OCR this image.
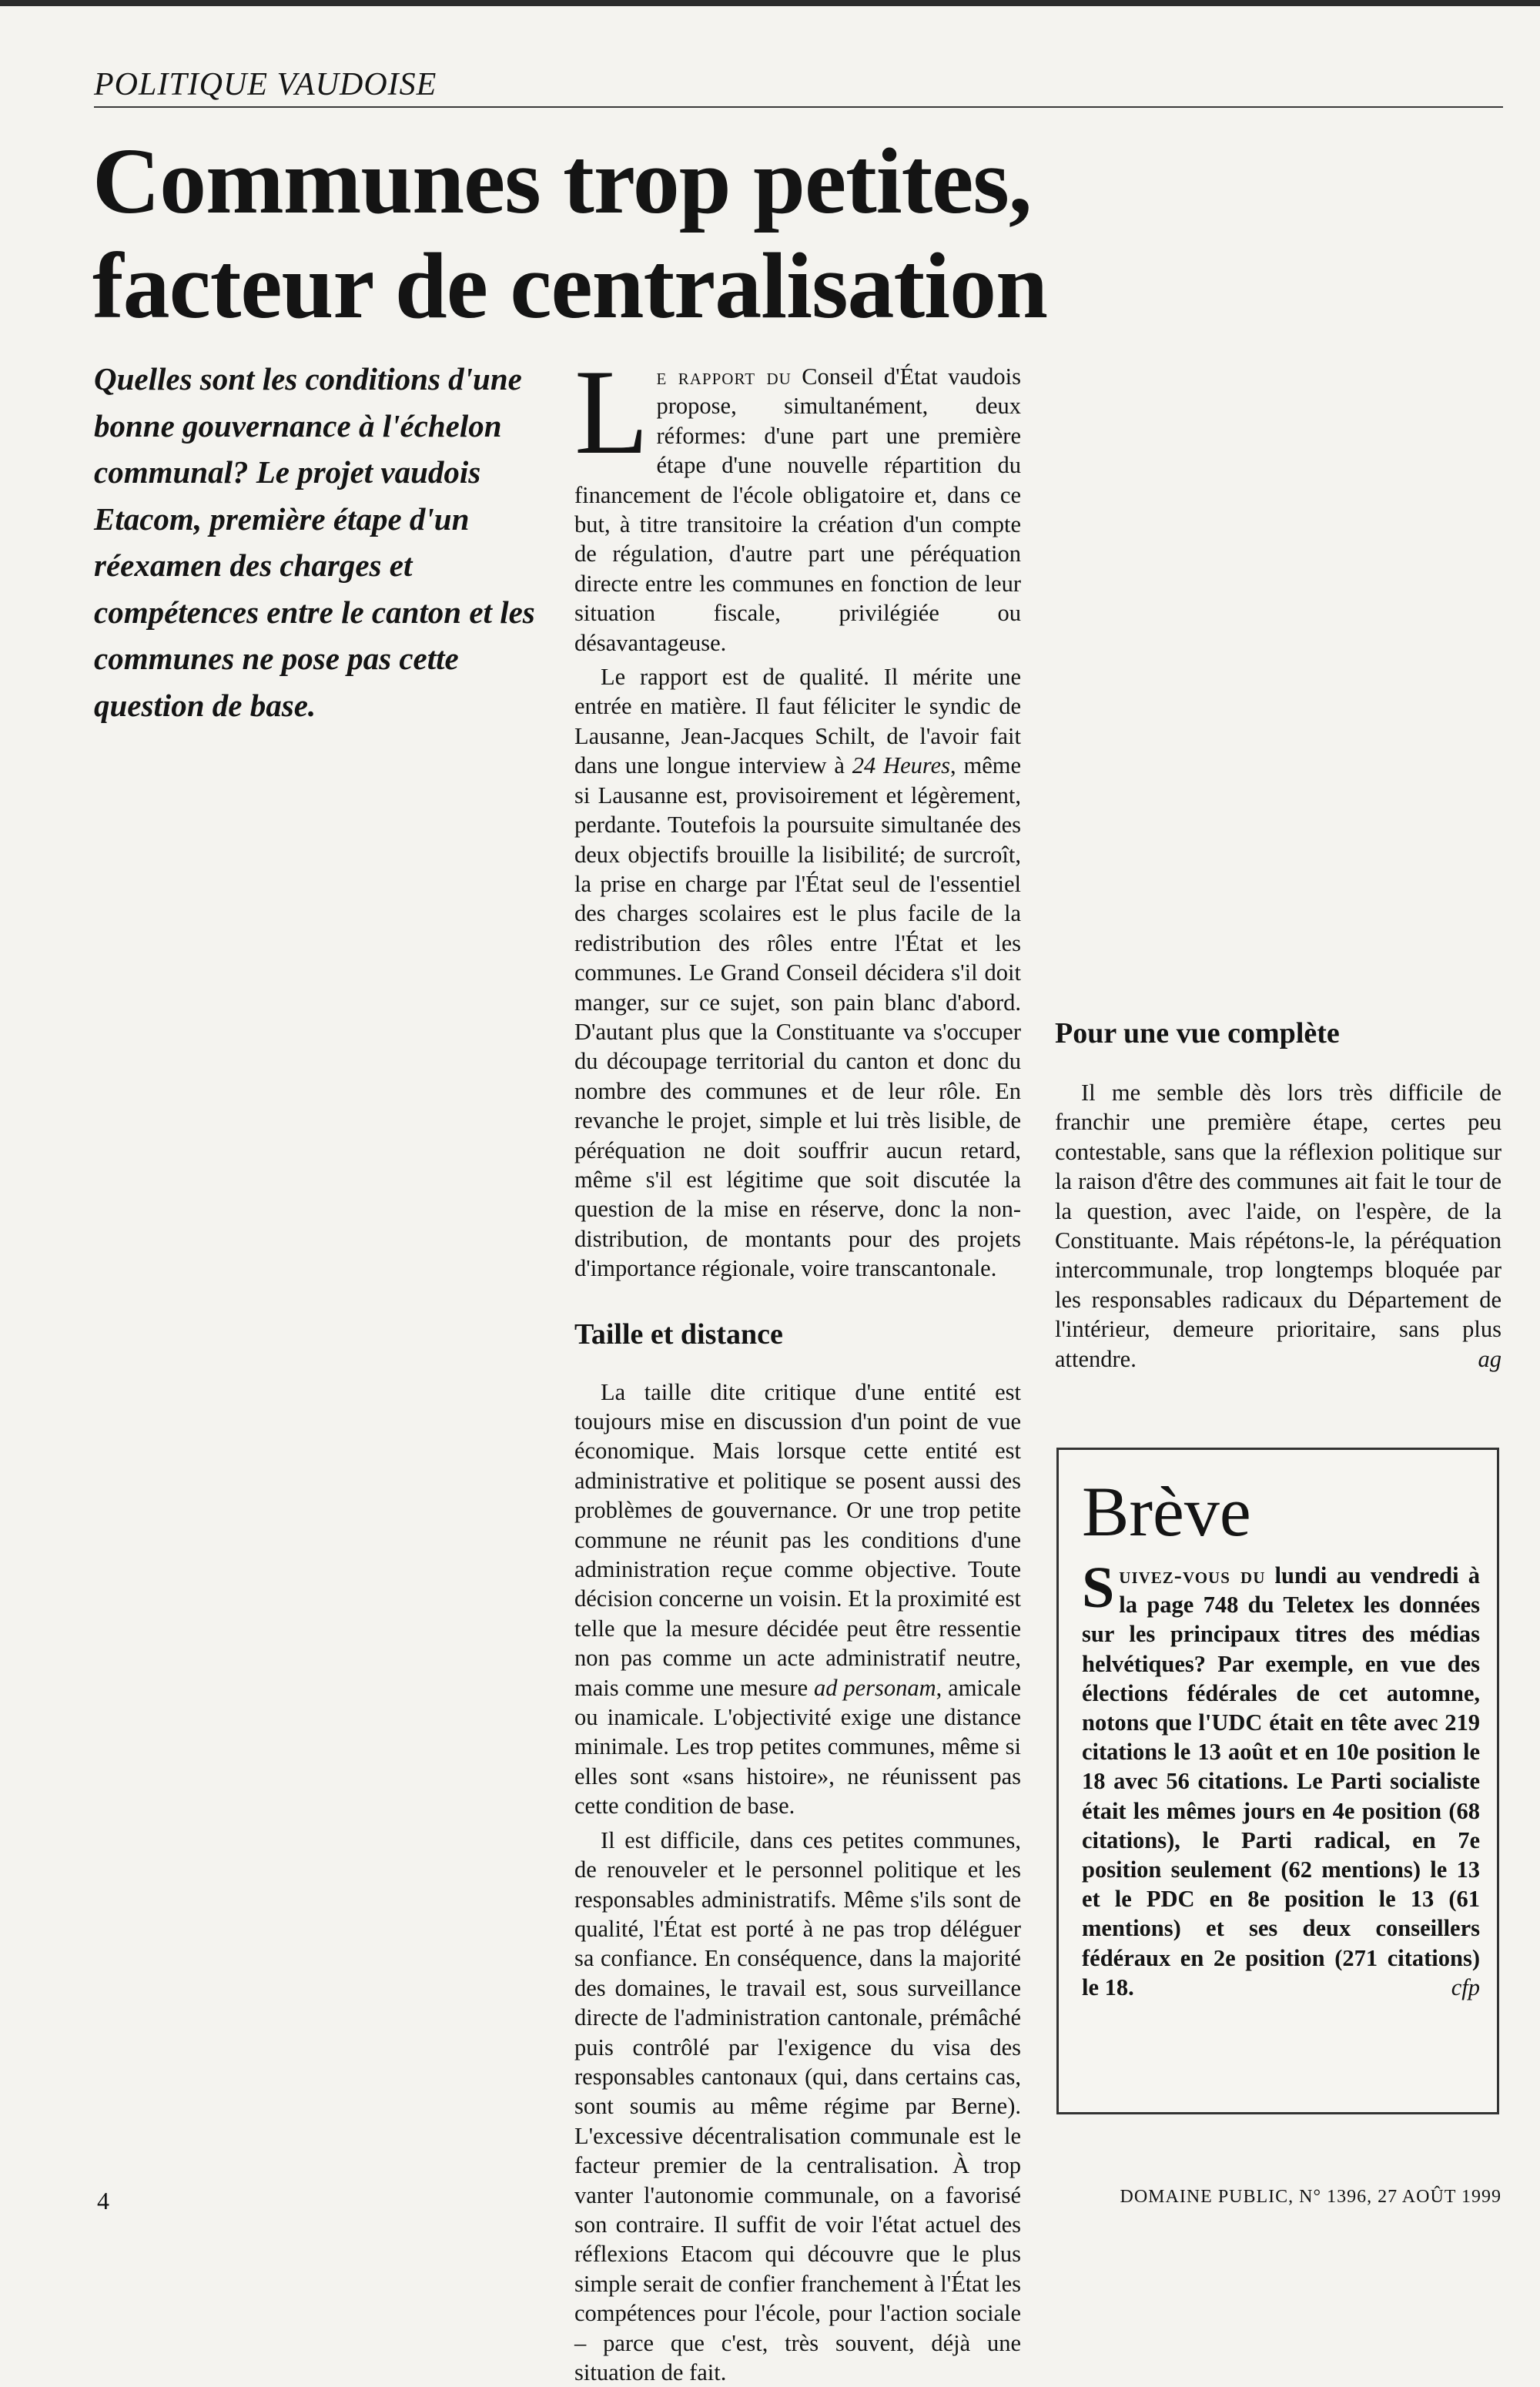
POLITIQUE VAUDOISE
Communes trop petites,
facteur de centralisation
Quelles sont les conditions d'une bonne gouvernance à l'échelon communal? Le projet vaudois Etacom, première étape d'un réexamen des charges et compétences entre le canton et les communes ne pose pas cette question de base.

L e rapport du Conseil d'État vaudois propose, simultanément, deux réformes: d'une part une première étape d'une nouvelle répartition du financement de l'école obligatoire et, dans ce but, à titre transitoire la création d'un compte de régulation, d'autre part une péréquation directe entre les communes en fonction de leur situation fiscale, privilégiée ou désavantageuse.

Le rapport est de qualité. Il mérite une entrée en matière. Il faut féliciter le syndic de Lausanne, Jean-Jacques Schilt, de l'avoir fait dans une longue interview à 24 Heures, même si Lausanne est, provisoirement et légèrement, perdante. Toutefois la poursuite simultanée des deux objectifs brouille la lisibilité; de surcroît, la prise en charge par l'État seul de l'essentiel des charges scolaires est le plus facile de la redistribution des rôles entre l'État et les communes. Le Grand Conseil décidera s'il doit manger, sur ce sujet, son pain blanc d'abord. D'autant plus que la Constituante va s'occuper du découpage territorial du canton et donc du nombre des communes et de leur rôle. En revanche le projet, simple et lui très lisible, de péréquation ne doit souffrir aucun retard, même s'il est légitime que soit discutée la question de la mise en réserve, donc la non-distribution, de montants pour des projets d'importance régionale, voire transcantonale.

Taille et distance

La taille dite critique d'une entité est toujours mise en discussion d'un point de vue économique. Mais lorsque cette entité est administrative et politique se posent aussi des problèmes de gouvernance. Or une trop petite commune ne réunit pas les conditions d'une administration reçue comme objective. Toute décision concerne un voisin. Et la proximité est telle que la mesure décidée peut être ressentie non pas comme un acte administratif neutre, mais comme une mesure ad personam, amicale ou inamicale. L'objectivité exige une distance minimale. Les trop petites communes, même si elles sont «sans histoire», ne réunissent pas cette condition de base.

Il est difficile, dans ces petites communes, de renouveler et le personnel politique et les responsables administratifs. Même s'ils sont de qualité, l'État est porté à ne pas trop déléguer sa confiance. En conséquence, dans la majorité des domaines, le travail est, sous surveillance directe de l'administration cantonale, prémâché puis contrôlé par l'exigence du visa des responsables cantonaux (qui, dans certains cas, sont soumis au même régime par Berne). L'excessive décentralisation communale est le facteur premier de la centralisation. À trop vanter l'autonomie communale, on a favorisé son contraire. Il suffit de voir l'état actuel des réflexions Etacom qui découvre que le plus simple serait de confier franchement à l'État les compétences pour l'école, pour l'action sociale – parce que c'est, très souvent, déjà une situation de fait.

Pour une vue complète

Il me semble dès lors très difficile de franchir une première étape, certes peu contestable, sans que la réflexion politique sur la raison d'être des communes ait fait le tour de la question, avec l'aide, on l'espère, de la Constituante. Mais répétons-le, la péréquation intercommunale, trop longtemps bloquée par les responsables radicaux du Département de l'intérieur, demeure prioritaire, sans plus attendre.	ag

Brève

S uivez-vous du lundi au vendredi à la page 748 du Teletex les données sur les principaux titres des médias helvétiques? Par exemple, en vue des élections fédérales de cet automne, notons que l'UDC était en tête avec 219 citations le 13 août et en 10e position le 18 avec 56 citations. Le Parti socialiste était les mêmes jours en 4e position (68 citations), le Parti radical, en 7e position seulement (62 mentions) le 13 et le PDC en 8e position le 13 (61 mentions) et ses deux conseillers fédéraux en 2e position (271 citations) le 18.	cfp

4	DOMAINE PUBLIC, N° 1396, 27 AOÛT 1999
